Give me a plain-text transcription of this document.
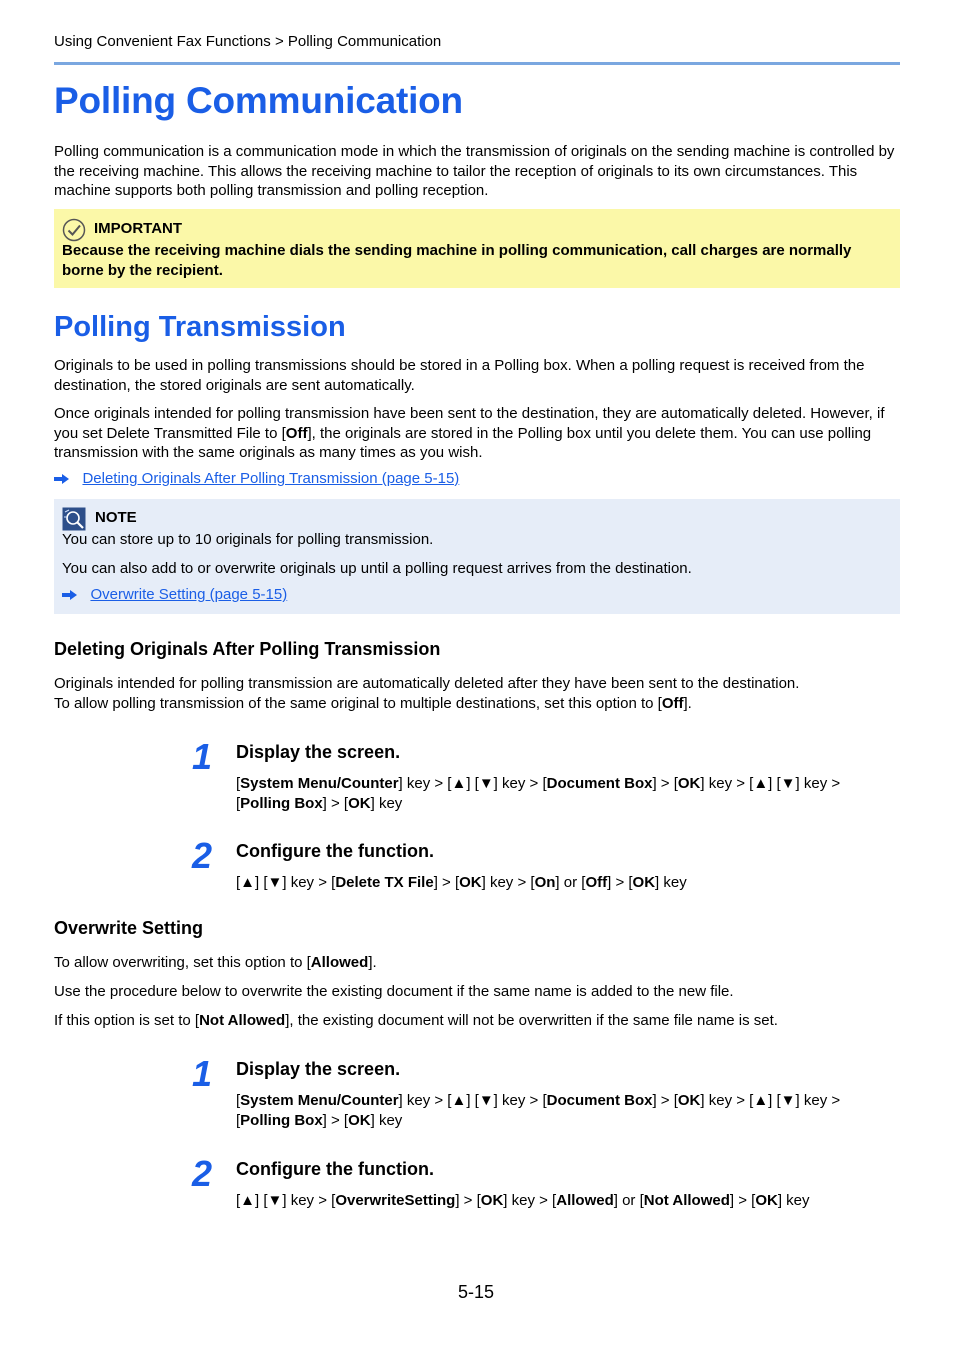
Using Convenient Fax Functions > Polling Communication
Polling Communication
Polling communication is a communication mode in which the transmission of originals on the sending machine is controlled by the receiving machine. This allows the receiving machine to tailor the reception of originals to its own circumstances. This machine supports both polling transmission and polling reception.
IMPORTANT
Because the receiving machine dials the sending machine in polling communication, call charges are normally borne by the recipient.
Polling Transmission
Originals to be used in polling transmissions should be stored in a Polling box. When a polling request is received from the destination, the stored originals are sent automatically.
Once originals intended for polling transmission have been sent to the destination, they are automatically deleted. However, if you set Delete Transmitted File to [Off], the originals are stored in the Polling box until you delete them. You can use polling transmission with the same originals as many times as you wish.
Deleting Originals After Polling Transmission (page 5-15)
NOTE
You can store up to 10 originals for polling transmission.
You can also add to or overwrite originals up until a polling request arrives from the destination.
Overwrite Setting (page 5-15)
Deleting Originals After Polling Transmission
Originals intended for polling transmission are automatically deleted after they have been sent to the destination.
To allow polling transmission of the same original to multiple destinations, set this option to [Off].
1 Display the screen.
[System Menu/Counter] key > [▲] [▼] key > [Document Box] > [OK] key > [▲] [▼] key > [Polling Box] > [OK] key
2 Configure the function.
[▲] [▼] key > [Delete TX File] > [OK] key > [On] or [Off] > [OK] key
Overwrite Setting
To allow overwriting, set this option to [Allowed].
Use the procedure below to overwrite the existing document if the same name is added to the new file.
If this option is set to [Not Allowed], the existing document will not be overwritten if the same file name is set.
1 Display the screen.
[System Menu/Counter] key > [▲] [▼] key > [Document Box] > [OK] key > [▲] [▼] key > [Polling Box] > [OK] key
2 Configure the function.
[▲] [▼] key > [OverwriteSetting] > [OK] key > [Allowed] or [Not Allowed] > [OK] key
5-15
